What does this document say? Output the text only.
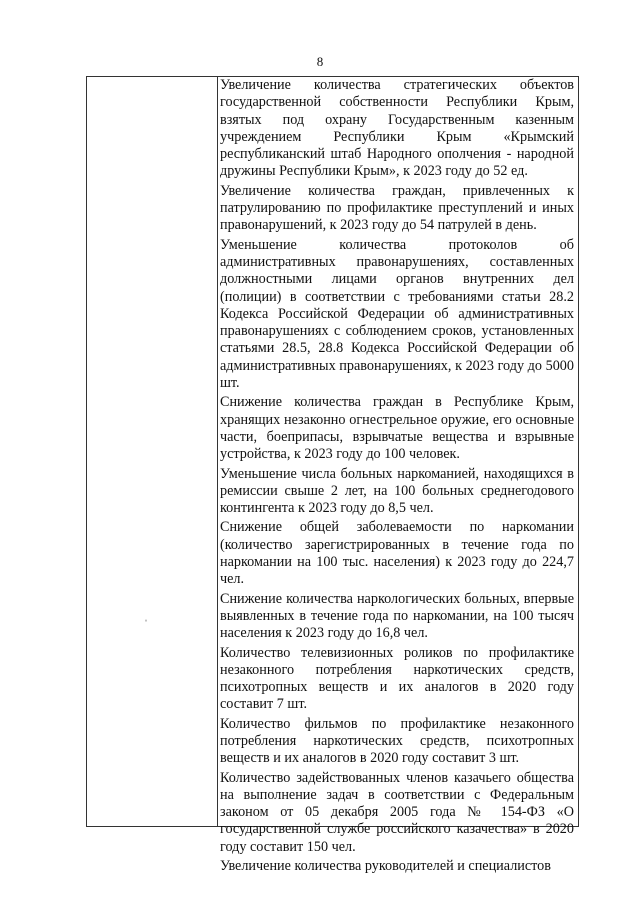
8

Увеличение количества стратегических объектов государственной собственности Республики Крым, взятых под охрану Государственным казенным учреждением Республики Крым «Крымский республиканский штаб Народного ополчения - народной дружины Республики Крым», к 2023 году до 52 ед.

Увеличение количества граждан, привлеченных к патрулированию по профилактике преступлений и иных правонарушений, к 2023 году до 54 патрулей в день.

Уменьшение количества протоколов об административных правонарушениях, составленных должностными лицами органов внутренних дел (полиции) в соответствии с требованиями статьи 28.2 Кодекса Российской Федерации об административных правонарушениях с соблюдением сроков, установленных статьями 28.5, 28.8 Кодекса Российской Федерации об административных правонарушениях, к 2023 году до 5000 шт.

Снижение количества граждан в Республике Крым, хранящих незаконно огнестрельное оружие, его основные части, боеприпасы, взрывчатые вещества и взрывные устройства, к 2023 году до 100 человек.

Уменьшение числа больных наркоманией, находящихся в ремиссии свыше 2 лет, на 100 больных среднегодового контингента к 2023 году до 8,5 чел.

Снижение общей заболеваемости по наркомании (количество зарегистрированных в течение года по наркомании на 100 тыс. населения) к 2023 году до 224,7 чел.

Снижение количества наркологических больных, впервые выявленных в течение года по наркомании, на 100 тысяч населения к 2023 году до 16,8 чел.

Количество телевизионных роликов по профилактике незаконного потребления наркотических средств, психотропных веществ и их аналогов в 2020 году составит 7 шт.

Количество фильмов по профилактике незаконного потребления наркотических средств, психотропных веществ и их аналогов в 2020 году составит 3 шт.

Количество задействованных членов казачьего общества на выполнение задач в соответствии с Федеральным законом от 05 декабря 2005 года № 154-ФЗ «О государственной службе российского казачества» в 2020 году составит 150 чел.

Увеличение количества руководителей и специалистов

ˌ
